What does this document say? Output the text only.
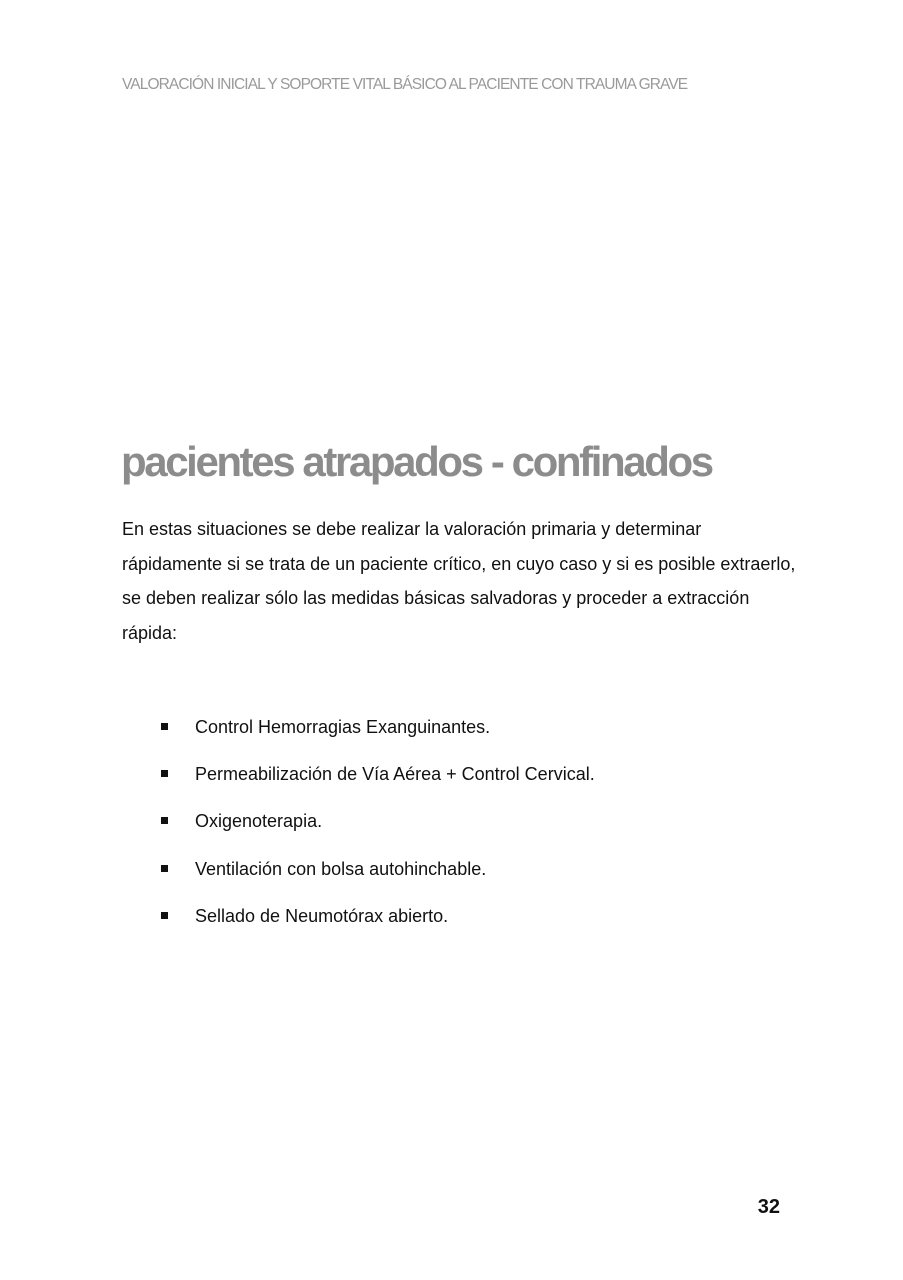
VALORACIÓN INICIAL Y SOPORTE VITAL BÁSICO AL PACIENTE CON TRAUMA GRAVE
pacientes atrapados - confinados

En estas situaciones se debe realizar la valoración primaria y determinar rápidamente si se trata de un paciente crítico, en cuyo caso y si es posible extraerlo, se deben realizar sólo las medidas básicas salvadoras y proceder a extracción rápida:

Control Hemorragias Exanguinantes.
Permeabilización de Vía Aérea + Control Cervical.
Oxigenoterapia.
Ventilación con bolsa autohinchable.
Sellado de Neumotórax abierto.
32
